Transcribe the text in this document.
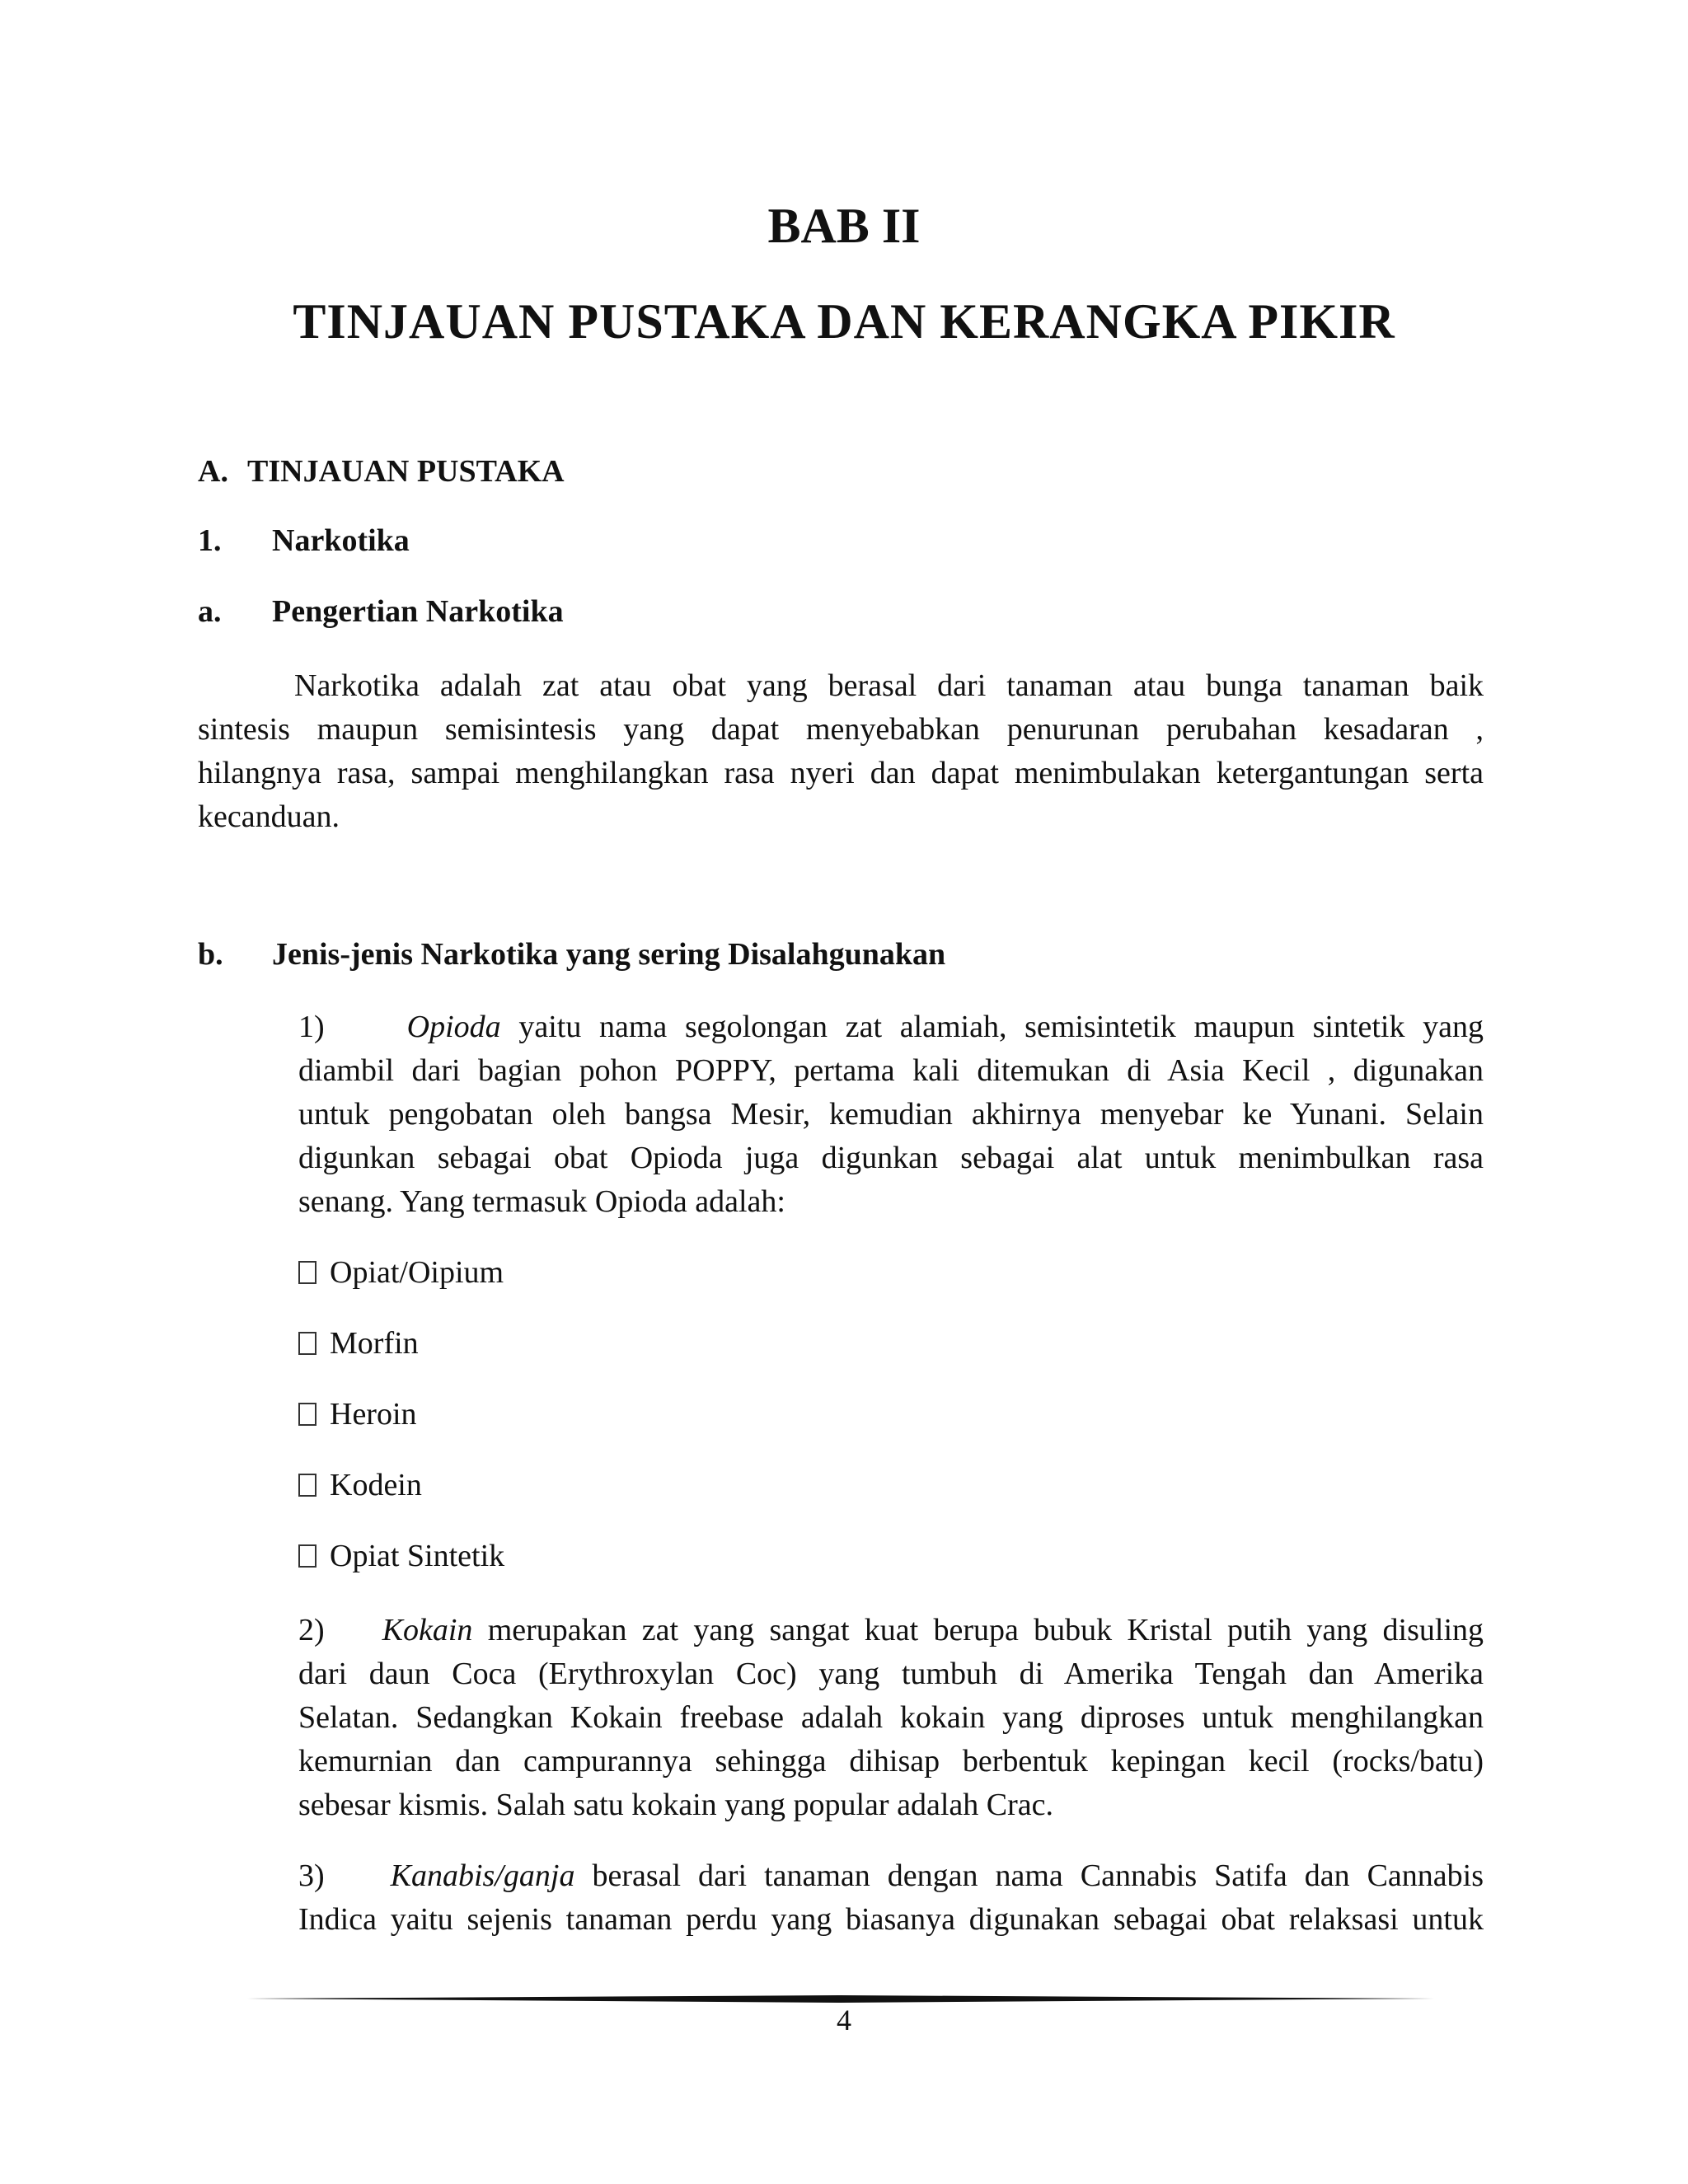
BAB II
TINJAUAN PUSTAKA DAN KERANGKA PIKIR
A. TINJAUAN PUSTAKA
1. Narkotika
a. Pengertian Narkotika
Narkotika adalah zat atau obat yang berasal dari tanaman atau bunga tanaman baik
sintesis maupun semisintesis yang dapat menyebabkan penurunan perubahan kesadaran ,
hilangnya rasa, sampai menghilangkan rasa nyeri dan dapat menimbulakan ketergantungan serta
kecanduan.
b. Jenis-jenis Narkotika yang sering Disalahgunakan
1)	Opioda yaitu nama segolongan zat alamiah, semisintetik maupun sintetik yang
diambil dari bagian pohon POPPY, pertama kali ditemukan di Asia Kecil , digunakan
untuk pengobatan oleh bangsa Mesir, kemudian akhirnya menyebar ke Yunani. Selain
digunkan sebagai obat Opioda juga digunkan sebagai alat untuk menimbulkan rasa
senang. Yang termasuk Opioda adalah:
Opiat/Oipium
Morfin
Heroin
Kodein
Opiat Sintetik
2) Kokain merupakan zat yang sangat kuat berupa bubuk Kristal putih yang disuling
dari daun Coca (Erythroxylan Coc) yang tumbuh di Amerika Tengah dan Amerika
Selatan. Sedangkan Kokain freebase adalah kokain yang diproses untuk menghilangkan
kemurnian dan campurannya sehingga dihisap berbentuk kepingan kecil (rocks/batu)
sebesar kismis. Salah satu kokain yang popular adalah Crac.
3) Kanabis/ganja berasal dari tanaman dengan nama Cannabis Satifa dan Cannabis
Indica yaitu sejenis tanaman perdu yang biasanya digunakan sebagai obat relaksasi untuk
4
